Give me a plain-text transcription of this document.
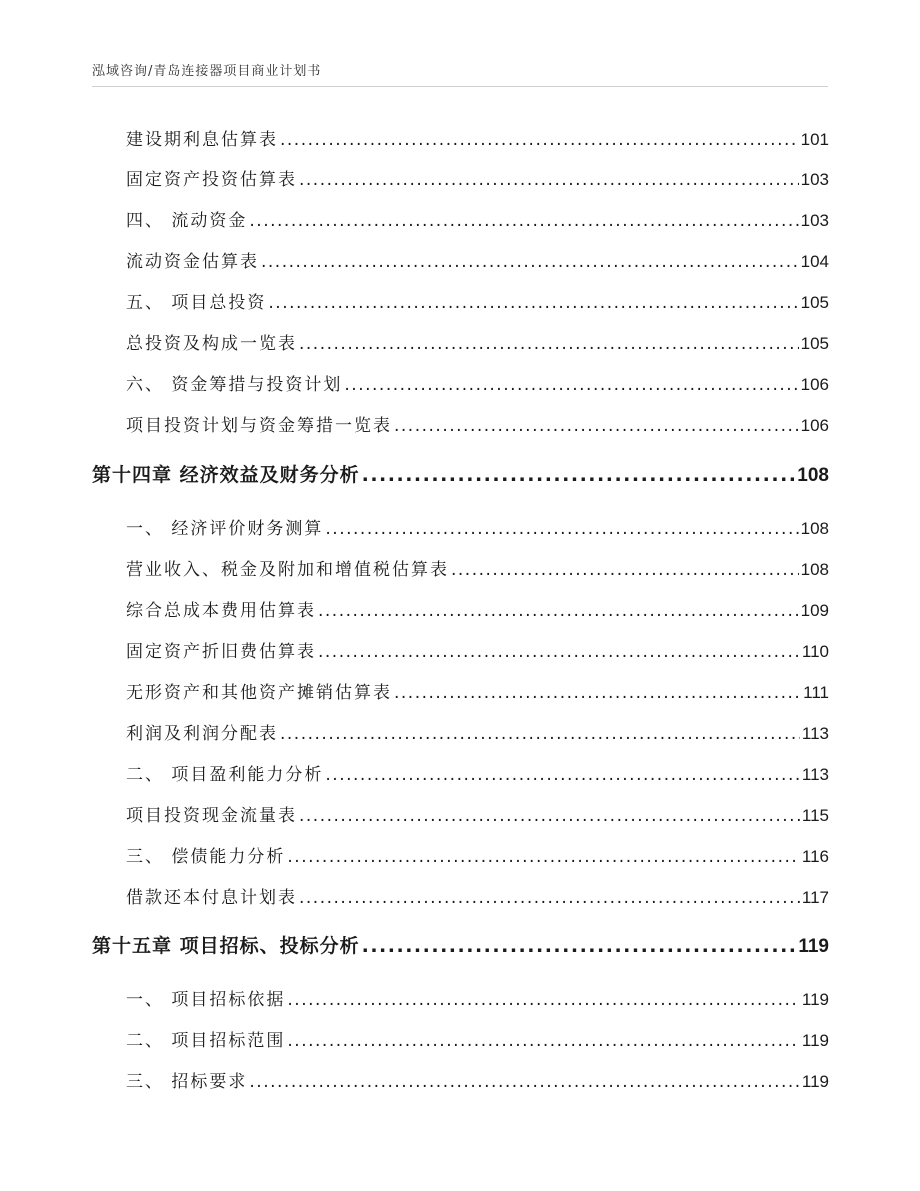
泓域咨询/青岛连接器项目商业计划书
建设期利息估算表 .....	101
固定资产投资估算表 .....	103
四、 流动资金 .....	103
流动资金估算表 .....	104
五、 项目总投资 .....	105
总投资及构成一览表 .....	105
六、 资金筹措与投资计划 .....	106
项目投资计划与资金筹措一览表 .....	106
第十四章 经济效益及财务分析 .....	108
一、 经济评价财务测算 .....	108
营业收入、税金及附加和增值税估算表 .....	108
综合总成本费用估算表 .....	109
固定资产折旧费估算表 .....	110
无形资产和其他资产摊销估算表 .....	111
利润及利润分配表 .....	113
二、 项目盈利能力分析 .....	113
项目投资现金流量表 .....	115
三、 偿债能力分析 .....	116
借款还本付息计划表 .....	117
第十五章 项目招标、投标分析 .....	119
一、 项目招标依据 .....	119
二、 项目招标范围 .....	119
三、 招标要求 .....	119
